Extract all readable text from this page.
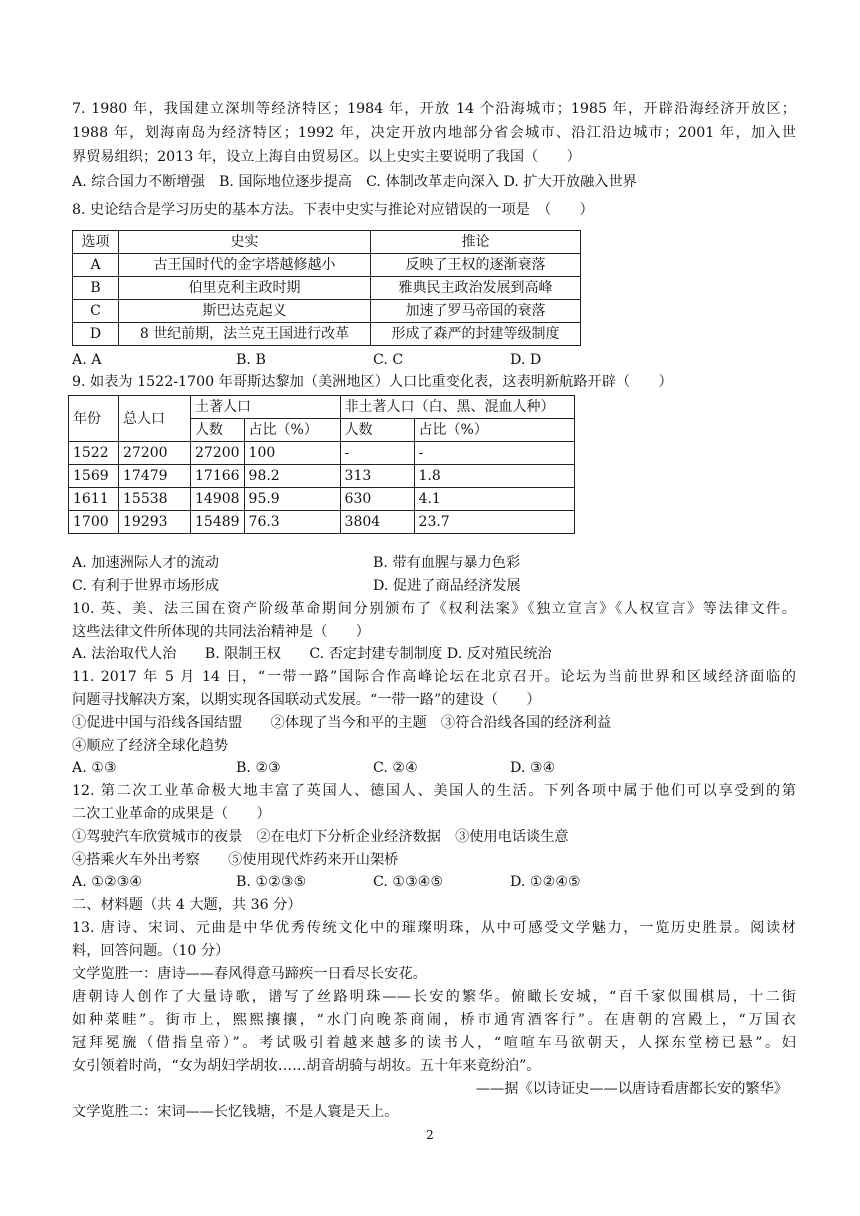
7. 1980 年，我国建立深圳等经济特区；1984 年，开放 14 个沿海城市；1985 年，开辟沿海经济开放区；
1988 年，划海南岛为经济特区；1992 年，决定开放内地部分省会城市、沿江沿边城市；2001 年，加入世
界贸易组织；2013 年，设立上海自由贸易区。以上史实主要说明了我国（　　）
A. 综合国力不断增强　B. 国际地位逐步提高　C. 体制改革走向深入 D. 扩大开放融入世界
8. 史论结合是学习历史的基本方法。下表中史实与推论对应错误的一项是　（　　）
选项	史实	推论
A	古王国时代的金字塔越修越小	反映了王权的逐渐衰落
B	伯里克利主政时期	雅典民主政治发展到高峰
C	斯巴达克起义	加速了罗马帝国的衰落
D	8 世纪前期，法兰克王国进行改革	形成了森严的封建等级制度
A. A	B. B	C. C	D. D
9. 如表为 1522-1700 年哥斯达黎加（美洲地区）人口比重变化表，这表明新航路开辟（　　）
年份	总人口	土著人口		非土著人口（白、黑、混血人种）	
		人数	占比（%）	人数	占比（%）
1522	27200	27200	100	-	-
1569	17479	17166	98.2	313	1.8
1611	15538	14908	95.9	630	4.1
1700	19293	15489	76.3	3804	23.7
A. 加速洲际人才的流动	B. 带有血腥与暴力色彩
C. 有利于世界市场形成	D. 促进了商品经济发展
10. 英、美、法三国在资产阶级革命期间分别颁布了《权利法案》《独立宣言》《人权宣言》等法律文件。
这些法律文件所体现的共同法治精神是（　　）
A. 法治取代人治　　B. 限制王权　　C. 否定封建专制制度 D. 反对殖民统治
11. 2017 年 5 月 14 日，“一带一路”国际合作高峰论坛在北京召开。论坛为当前世界和区域经济面临的
问题寻找解决方案，以期实现各国联动式发展。“一带一路”的建设（　　）
①促进中国与沿线各国结盟　　②体现了当今和平的主题　③符合沿线各国的经济利益
④顺应了经济全球化趋势
A. ①③	B. ②③	C. ②④	D. ③④
12. 第二次工业革命极大地丰富了英国人、德国人、美国人的生活。下列各项中属于他们可以享受到的第
二次工业革命的成果是（　　）
①驾驶汽车欣赏城市的夜景　②在电灯下分析企业经济数据　③使用电话谈生意
④搭乘火车外出考察　　⑤使用现代炸药来开山架桥
A. ①②③④	B. ①②③⑤	C. ①③④⑤	D. ①②④⑤
二、材料题（共 4 大题，共 36 分）
13. 唐诗、宋词、元曲是中华优秀传统文化中的璀璨明珠，从中可感受文学魅力，一览历史胜景。阅读材
料，回答问题。（10 分）
文学览胜一：唐诗——春风得意马蹄疾一日看尽长安花。
唐朝诗人创作了大量诗歌，谱写了丝路明珠——长安的繁华。俯瞰长安城，“百千家似围棋局，十二街
如种菜畦”。街市上，熙熙攘攘，“水门向晚茶商闹，桥市通宵酒客行”。在唐朝的宫殿上，“万国衣
冠拜冕旒（借指皇帝）”。考试吸引着越来越多的读书人，“喧喧车马欲朝天，人探东堂榜已悬”。妇
女引领着时尚，“女为胡妇学胡妆……胡音胡骑与胡妆。五十年来竟纷泊”。
——据《以诗证史——以唐诗看唐都长安的繁华》
文学览胜二：宋词——长忆钱塘，不是人寰是天上。
2
